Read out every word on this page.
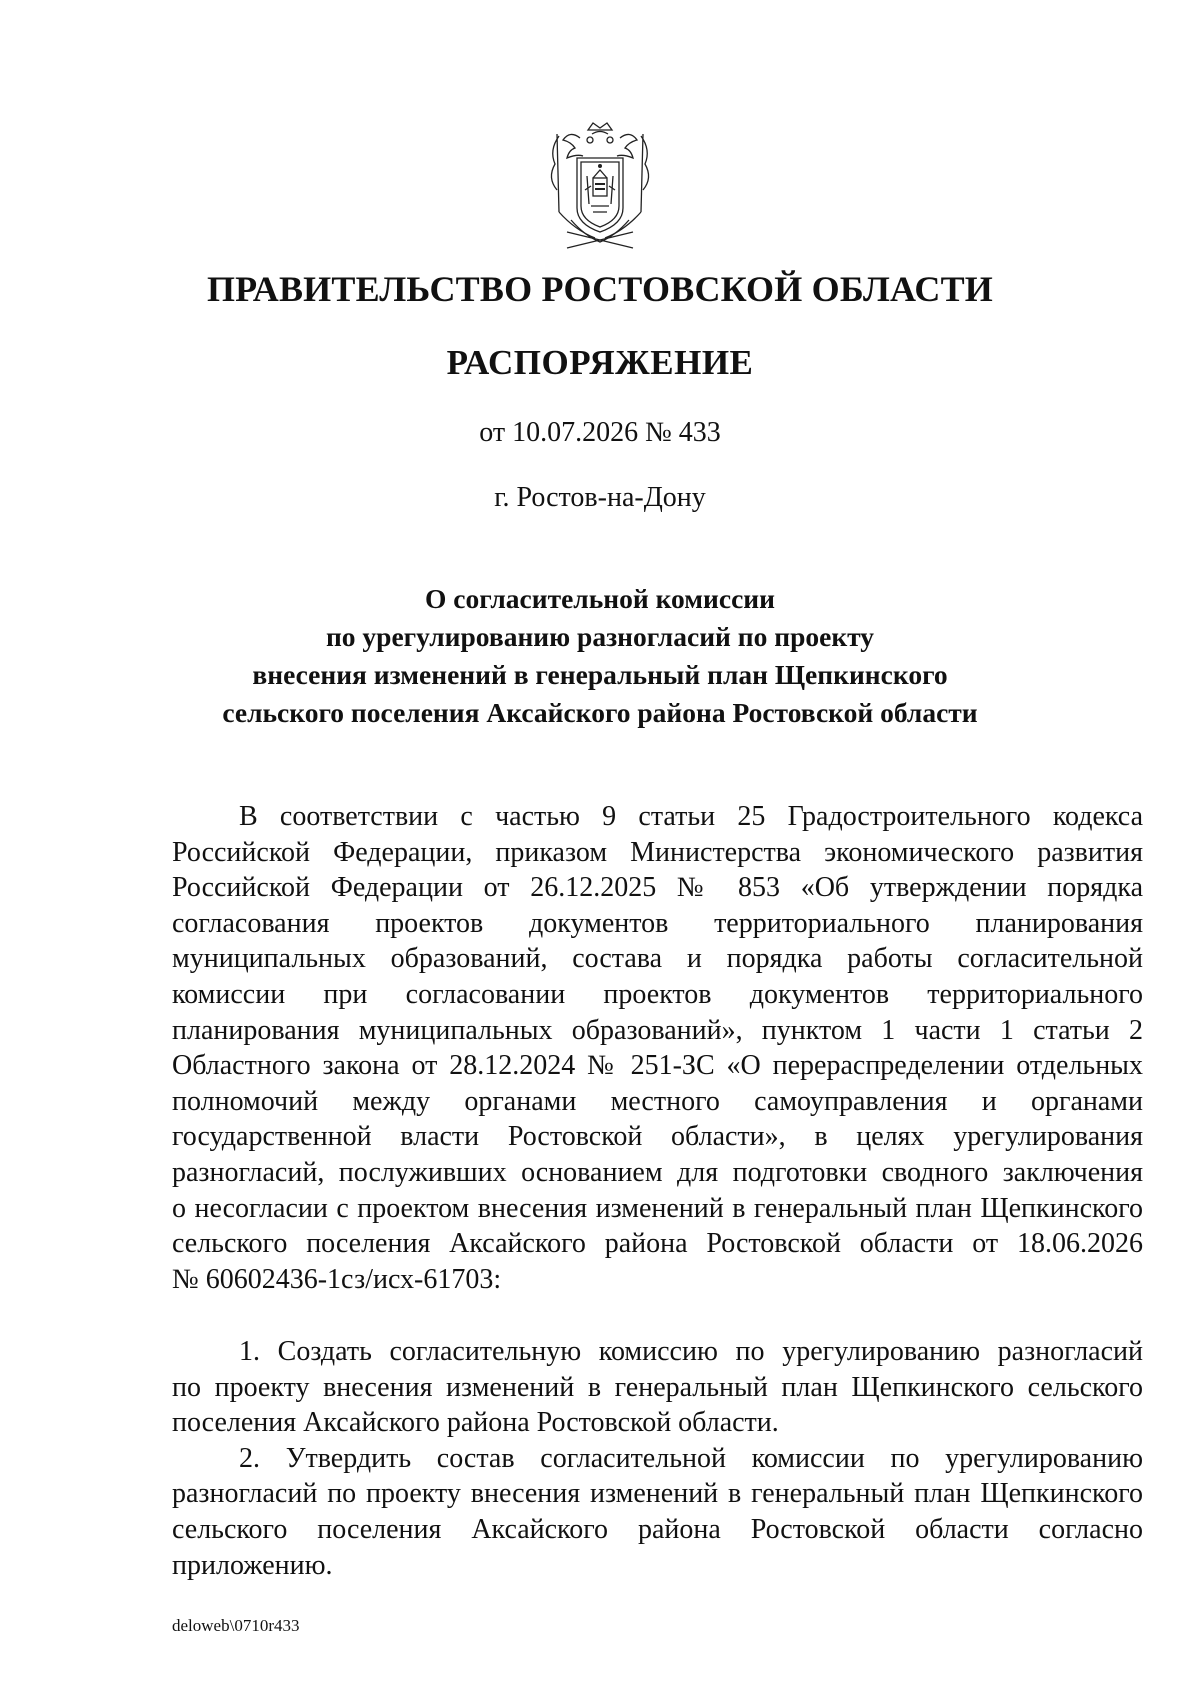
ПРАВИТЕЛЬСТВО РОСТОВСКОЙ ОБЛАСТИ
РАСПОРЯЖЕНИЕ
от 10.07.2026 № 433
г. Ростов-на-Дону
О согласительной комиссии
по урегулированию разногласий по проекту
внесения изменений в генеральный план Щепкинского
сельского поселения Аксайского района Ростовской области
В соответствии с частью 9 статьи 25 Градостроительного кодекса
Российской Федерации, приказом Министерства экономического развития
Российской Федерации от 26.12.2025 № 853 «Об утверждении порядка
согласования проектов документов территориального планирования
муниципальных образований, состава и порядка работы согласительной
комиссии при согласовании проектов документов территориального
планирования муниципальных образований», пунктом 1 части 1 статьи 2
Областного закона от 28.12.2024 № 251-ЗС «О перераспределении отдельных
полномочий между органами местного самоуправления и органами
государственной власти Ростовской области», в целях урегулирования
разногласий, послуживших основанием для подготовки сводного заключения
о несогласии с проектом внесения изменений в генеральный план Щепкинского
сельского поселения Аксайского района Ростовской области от 18.06.2026
№ 60602436-1сз/исх-61703:
1. Создать согласительную комиссию по урегулированию разногласий
по проекту внесения изменений в генеральный план Щепкинского сельского
поселения Аксайского района Ростовской области.
2. Утвердить состав согласительной комиссии по урегулированию
разногласий по проекту внесения изменений в генеральный план Щепкинского
сельского поселения Аксайского района Ростовской области согласно
приложению.
deloweb\0710r433
